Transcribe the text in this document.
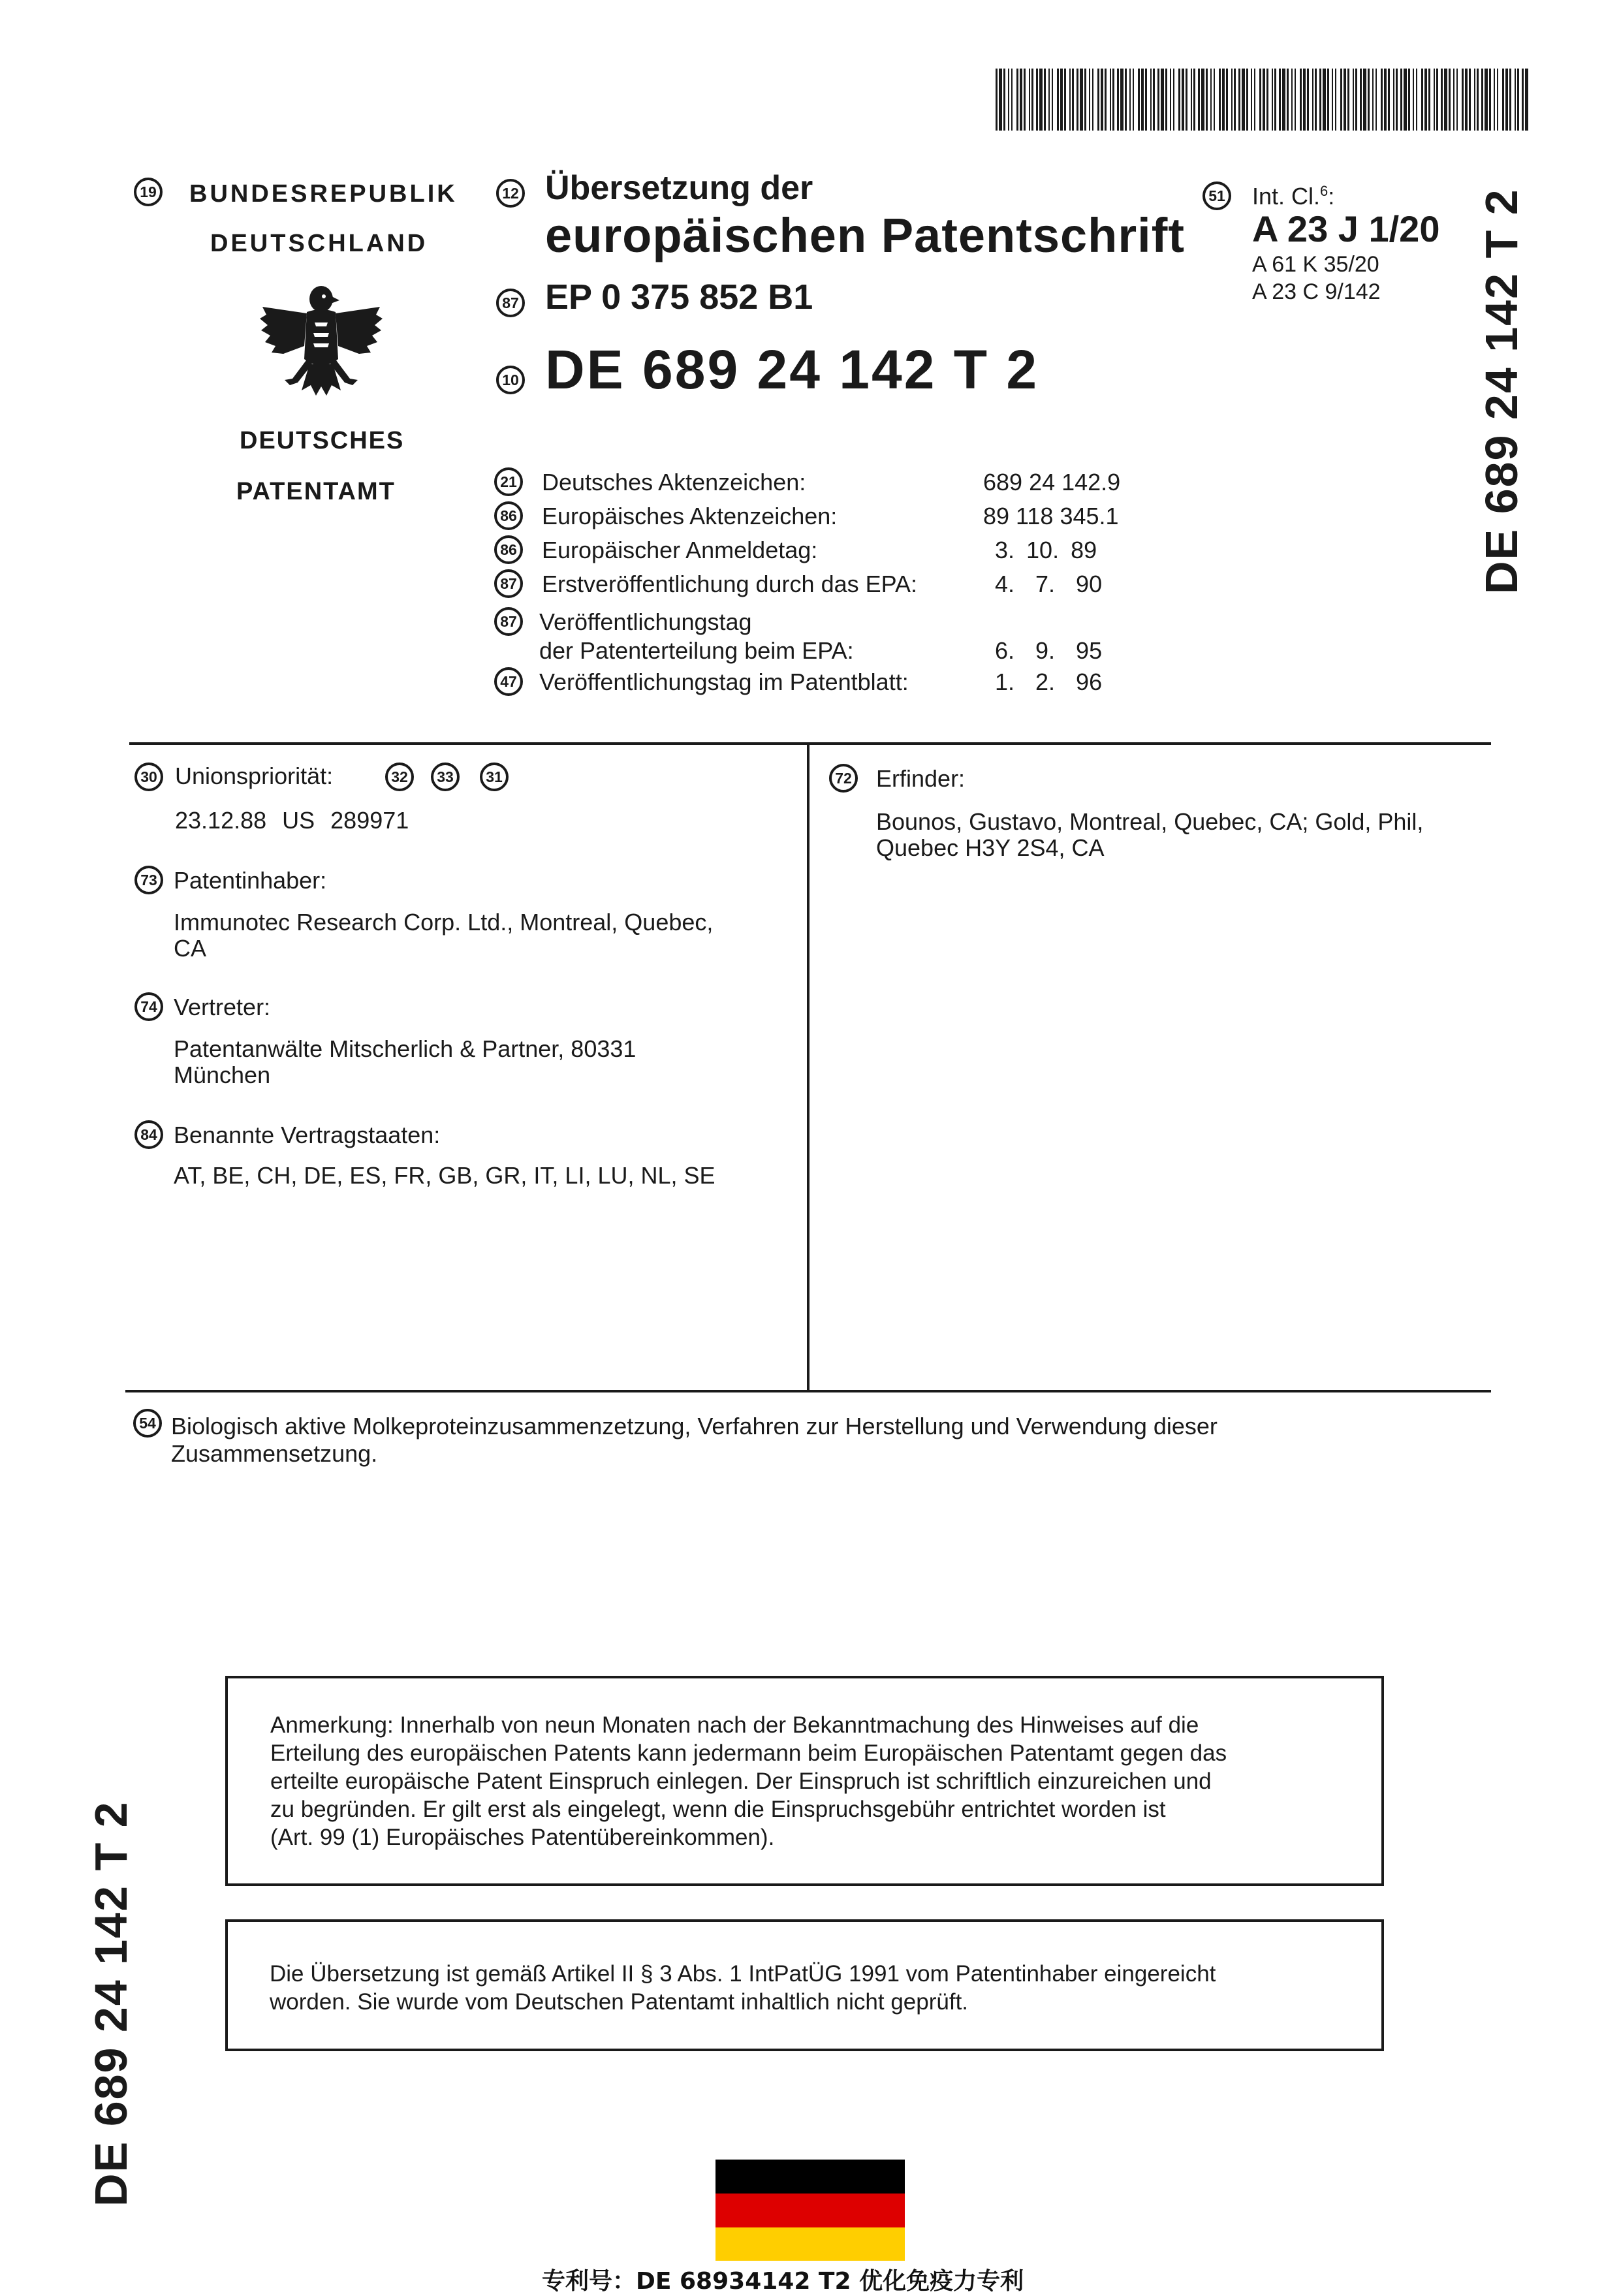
19 BUNDESREPUBLIK
DEUTSCHLAND
DEUTSCHES
PATENTAMT
12 Übersetzung der
europäischen Patentschrift
87 EP 0 375 852 B1
10 DE 689 24 142 T 2
51 Int. Cl.$^6$:
A 23 J 1/20
A 61 K 35/20
A 23 C 9/142 DE 689 24 142 T 2
21 Deutsches Aktenzeichen:	689 24 142.9
86 Europäisches Aktenzeichen:	89 118 345.1
86 Europäischer Anmeldetag:	3. 10. 89
87 Erstveröffentlichung durch das EPA:	4. 7. 90
87 Veröffentlichungstag
der Patenterteilung beim EPA:	6. 9. 95
47 Veröffentlichungstag im Patentblatt:	1. 2. 96
30 Unionspriorität:	32	33	31
23.12.88 US 289971
73 Patentinhaber:
Immunotec Research Corp. Ltd., Montreal, Quebec,
CA
74 Vertreter:
Patentanwälte Mitscherlich & Partner, 80331
München
84 Benannte Vertragstaaten:
AT, BE, CH, DE, ES, FR, GB, GR, IT, LI, LU, NL, SE
72 Erfinder:
Bounos, Gustavo, Montreal, Quebec, CA; Gold, Phil,
Quebec H3Y 2S4, CA
54 Biologisch aktive Molkeproteinzusammenzetzung, Verfahren zur Herstellung und Verwendung dieser
Zusammensetzung.
Anmerkung: Innerhalb von neun Monaten nach der Bekanntmachung des Hinweises auf die
Erteilung des europäischen Patents kann jedermann beim Europäischen Patentamt gegen das
erteilte europäische Patent Einspruch einlegen. Der Einspruch ist schriftlich einzureichen und
zu begründen. Er gilt erst als eingelegt, wenn die Einspruchsgebühr entrichtet worden ist
(Art. 99 (1) Europäisches Patentübereinkommen).
Die Übersetzung ist gemäß Artikel II § 3 Abs. 1 IntPatÜG 1991 vom Patentinhaber eingereicht
worden. Sie wurde vom Deutschen Patentamt inhaltlich nicht geprüft.
DE 689 24 142 T 2
专利号：DE 68934142 T2 优化免疫力专利
